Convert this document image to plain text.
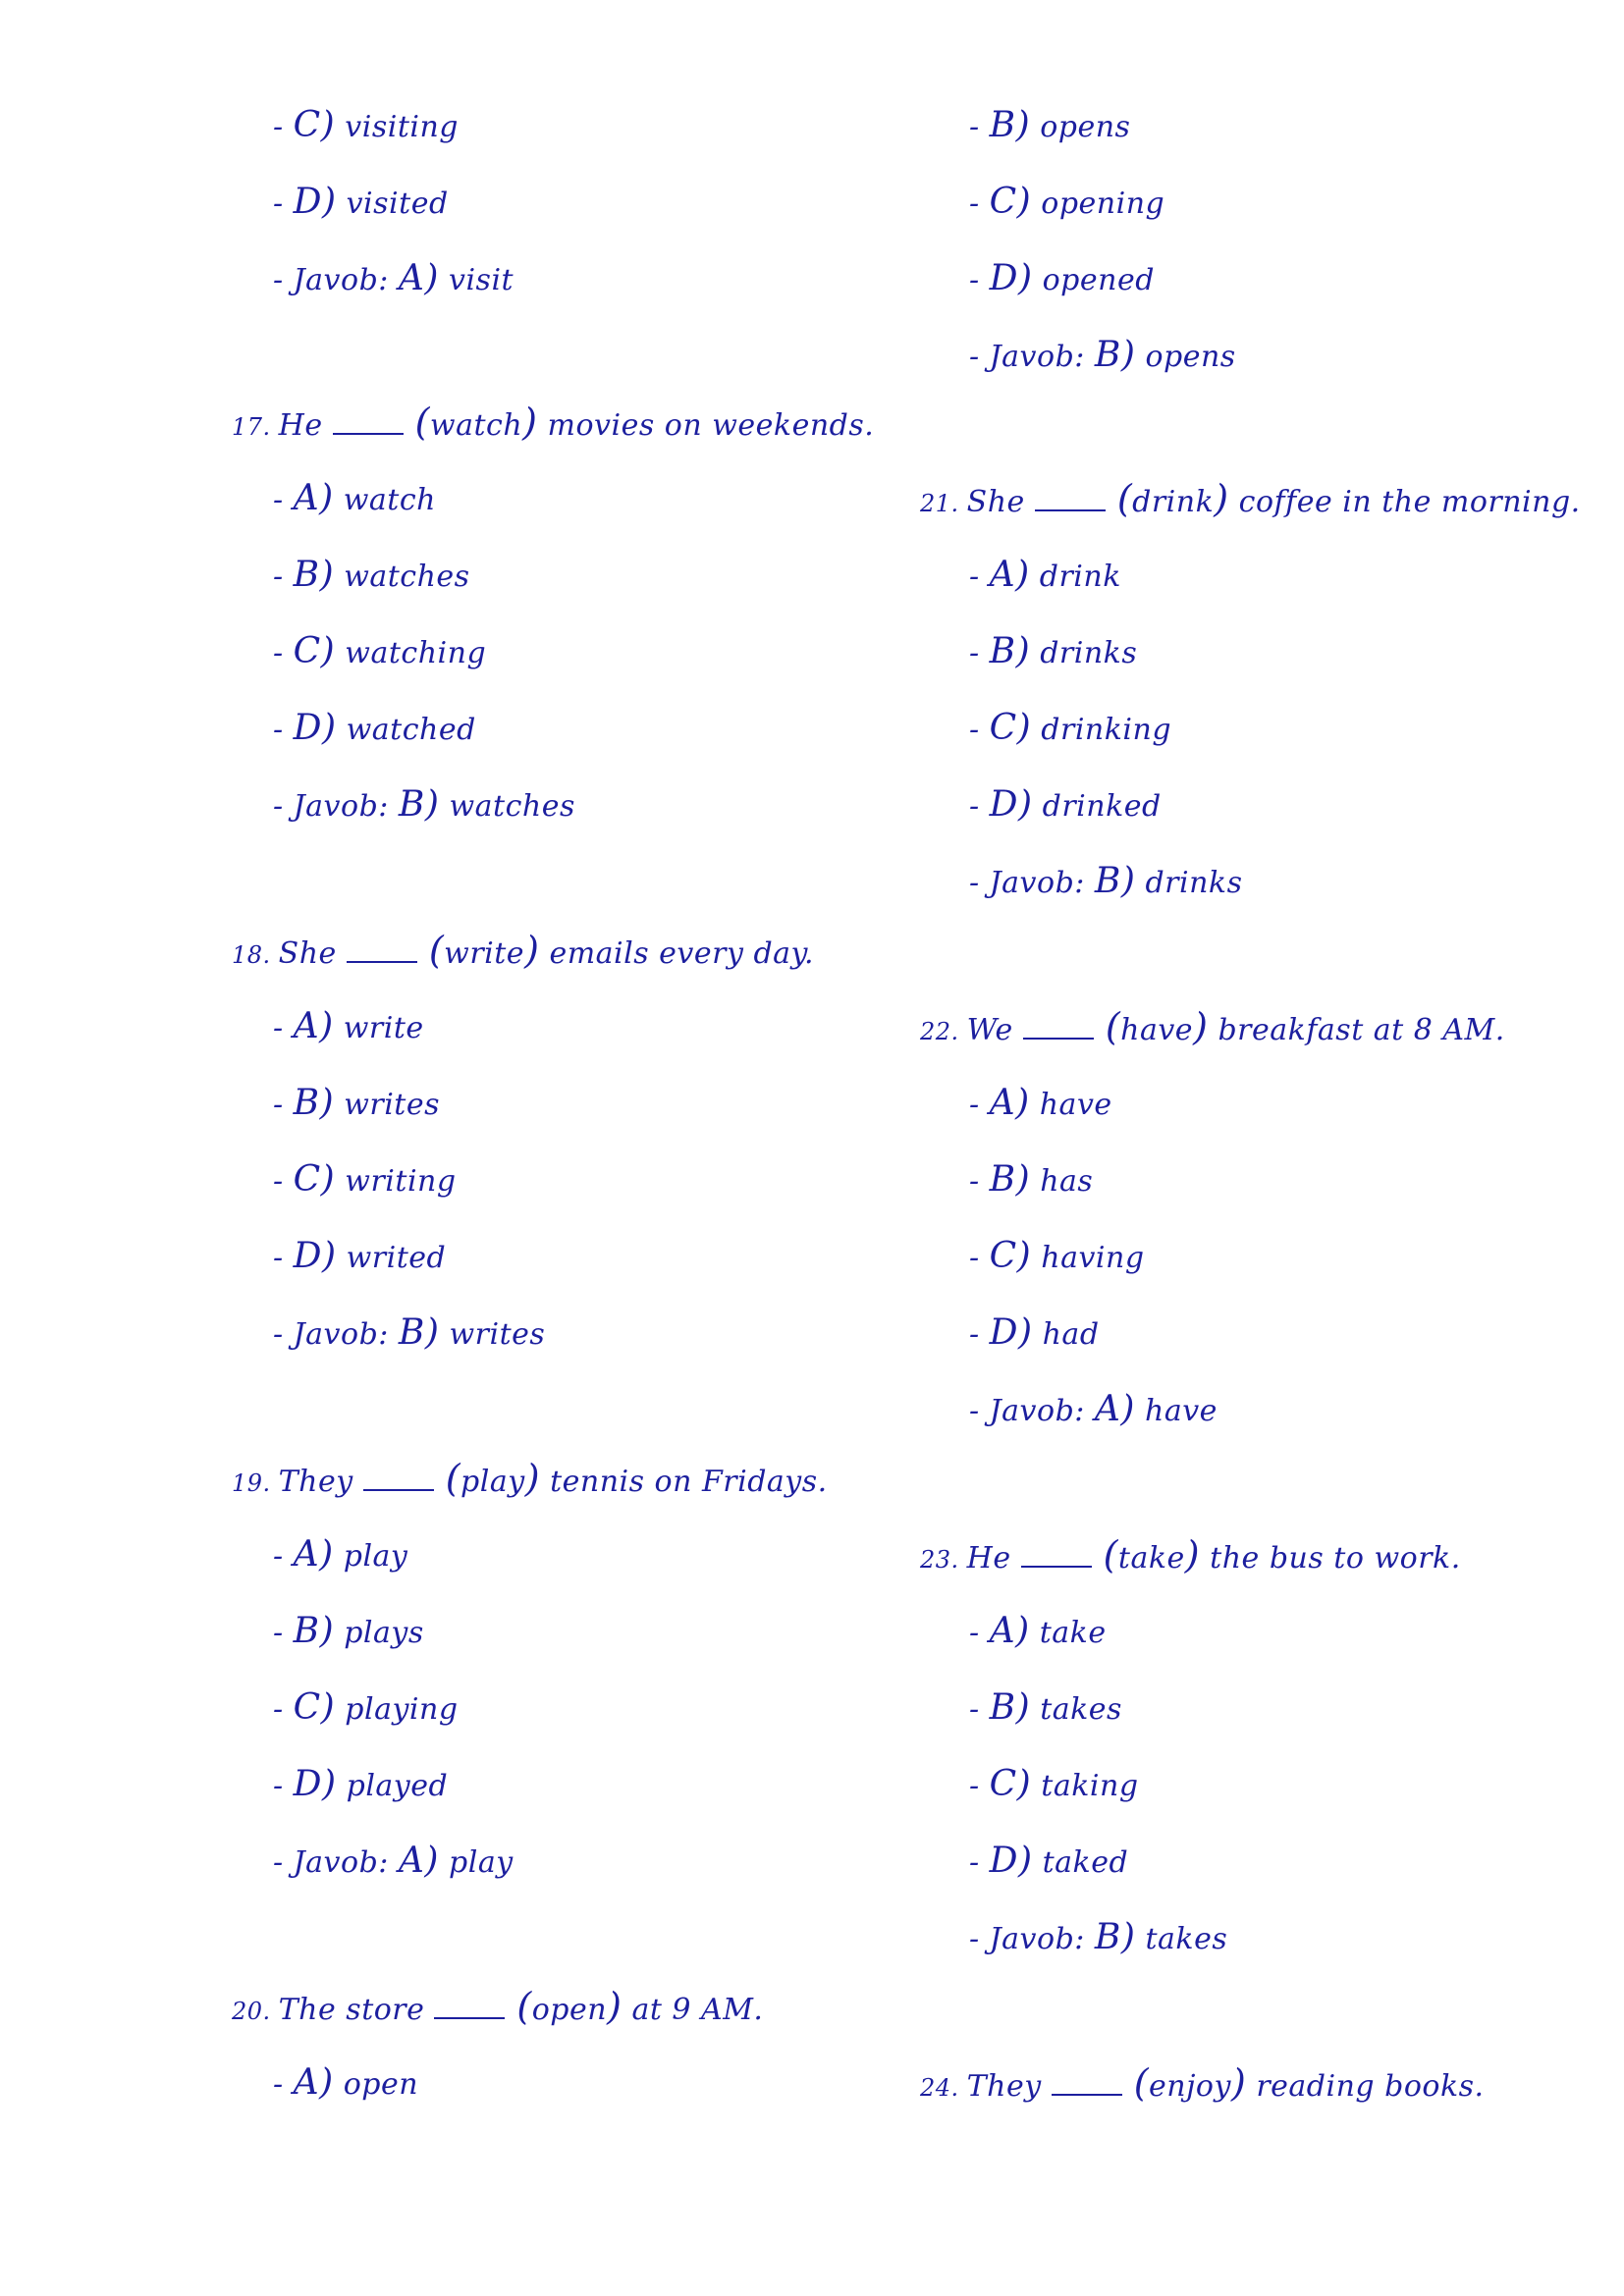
- C) visiting
- D) visited
- Javob: A) visit
17. He (watch) movies on weekends.
- A) watch
- B) watches
- C) watching
- D) watched
- Javob: B) watches
18. She (write) emails every day.
- A) write
- B) writes
- C) writing
- D) writed
- Javob: B) writes
19. They (play) tennis on Fridays.
- A) play
- B) plays
- C) playing
- D) played
- Javob: A) play
20. The store (open) at 9 AM.
- A) open
- B) opens
- C) opening
- D) opened
- Javob: B) opens
21. She (drink) coffee in the morning.
- A) drink
- B) drinks
- C) drinking
- D) drinked
- Javob: B) drinks
22. We (have) breakfast at 8 AM.
- A) have
- B) has
- C) having
- D) had
- Javob: A) have
23. He (take) the bus to work.
- A) take
- B) takes
- C) taking
- D) taked
- Javob: B) takes
24. They (enjoy) reading books.
